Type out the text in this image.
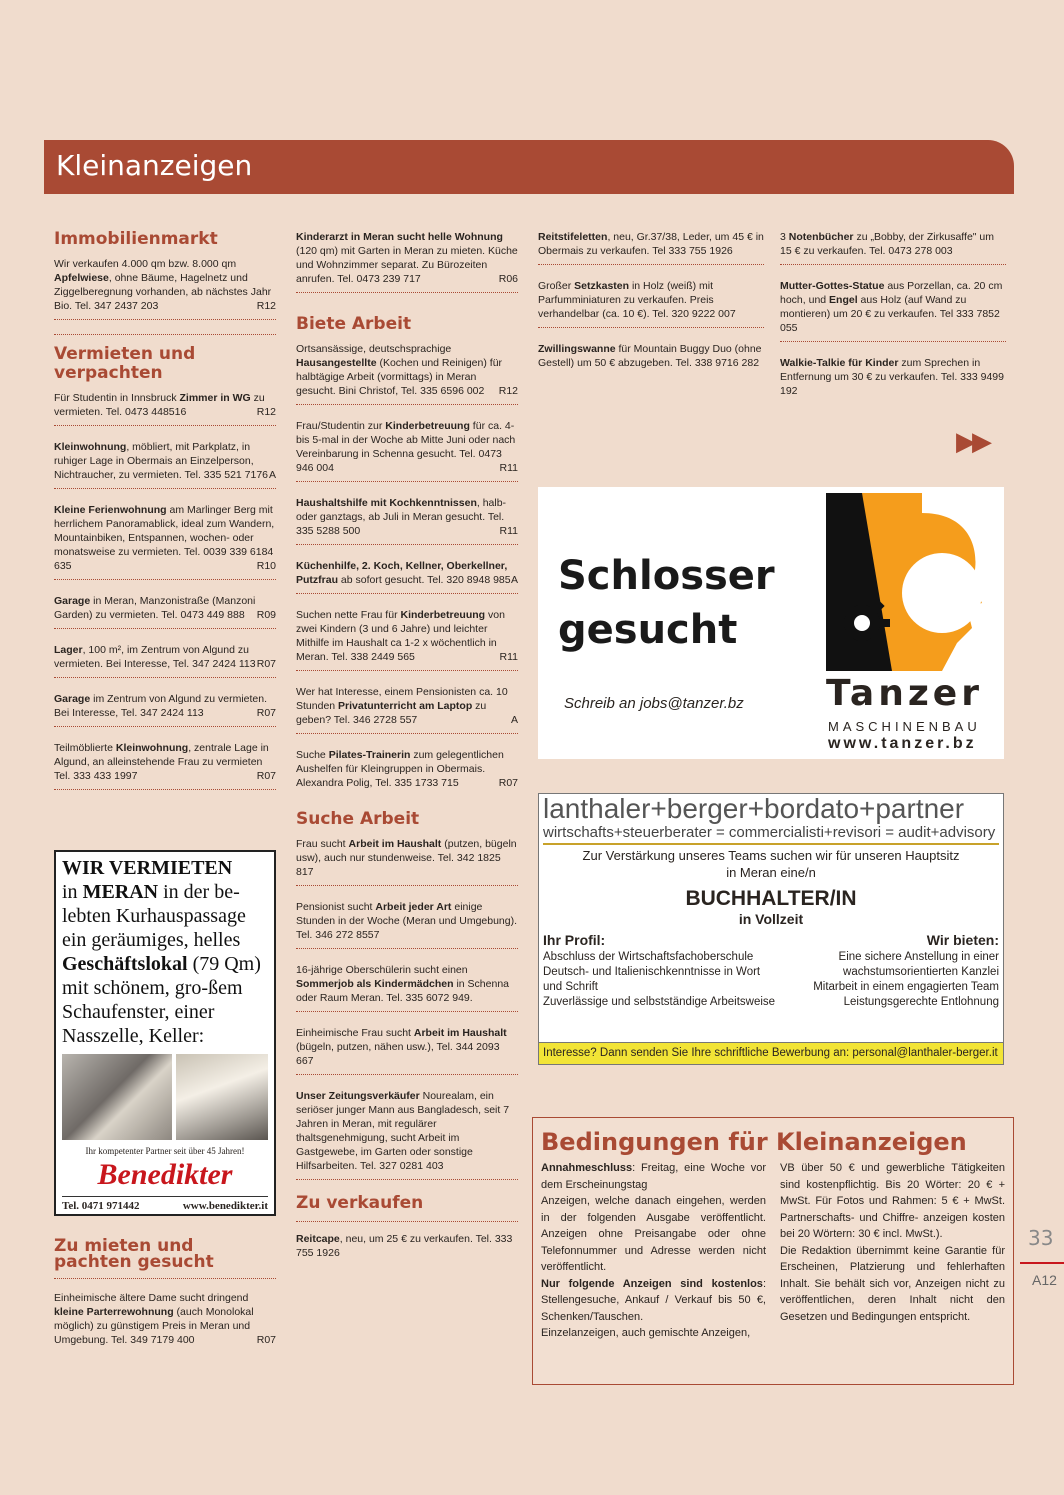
Kleinanzeigen
Immobilienmarkt
Wir verkaufen 4.000 qm bzw. 8.000 qm Apfelwiese, ohne Bäume, Hagelnetz und Ziggelberegnung vorhanden, ab nächstes Jahr Bio. Tel. 347 2437 203	R12
Vermieten und verpachten
Für Studentin in Innsbruck Zimmer in WG zu vermieten. Tel. 0473 448516	R12
Kleinwohnung, möbliert, mit Parkplatz, in ruhiger Lage in Obermais an Einzelperson, Nichtraucher, zu vermieten. Tel. 335 521 7176 A
Kleine Ferienwohnung am Marlinger Berg mit herrlichem Panoramablick, ideal zum Wandern, Mountainbiken, Entspannen, wochen- oder monatsweise zu vermieten. Tel. 0039 339 6184 635	R10
Garage in Meran, Manzonistraße (Manzoni Garden) zu vermieten. Tel. 0473 449 888 R09
Lager, 100 m², im Zentrum von Algund zu vermieten. Bei Interesse, Tel. 347 2424 113 R07
Garage im Zentrum von Algund zu vermieten. Bei Interesse, Tel. 347 2424 113	R07
Teilmöblierte Kleinwohnung, zentrale Lage in Algund, an alleinstehende Frau zu vermieten Tel. 333 433 1997	R07
WIR VERMIETEN
in MERAN in der be-lebten Kurhauspassage ein geräumiges, helles Geschäftslokal (79 Qm) mit schönem, gro-ßem Schaufenster, einer Nasszelle, Keller:
Ihr kompetenter Partner seit über 45 Jahren!
Benedikter
Tel. 0471 971442	www.benedikter.it
Zu mieten und pachten gesucht
Einheimische ältere Dame sucht dringend kleine Parterrewohnung (auch Monolokal möglich) zu günstigem Preis in Meran und Umgebung. Tel. 349 7179 400	R07
Kinderarzt in Meran sucht helle Wohnung (120 qm) mit Garten in Meran zu mieten. Küche und Wohnzimmer separat. Zu Bürozeiten anrufen. Tel. 0473 239 717	R06
Biete Arbeit
Ortsansässige, deutschsprachige Hausangestellte (Kochen und Reinigen) für halbtägige Arbeit (vormittags) in Meran gesucht. Bini Christof, Tel. 335 6596 002 R12
Frau/Studentin zur Kinderbetreuung für ca. 4- bis 5-mal in der Woche ab Mitte Juni oder nach Vereinbarung in Schenna gesucht. Tel. 0473 946 004	R11
Haushaltshilfe mit Kochkenntnissen, halb- oder ganztags, ab Juli in Meran gesucht. Tel. 335 5288 500	R11
Küchenhilfe, 2. Koch, Kellner, Oberkellner, Putzfrau ab sofort gesucht. Tel. 320 8948 985 A
Suchen nette Frau für Kinderbetreuung von zwei Kindern (3 und 6 Jahre) und leichter Mithilfe im Haushalt ca 1-2 x wöchentlich in Meran. Tel. 338 2449 565	R11
Wer hat Interesse, einem Pensionisten ca. 10 Stunden Privatunterricht am Laptop zu geben? Tel. 346 2728 557	A
Suche Pilates-Trainerin zum gelegentlichen Aushelfen für Kleingruppen in Obermais. Alexandra Polig, Tel. 335 1733 715	R07
Suche Arbeit
Frau sucht Arbeit im Haushalt (putzen, bügeln usw), auch nur stundenweise. Tel. 342 1825 817
Pensionist sucht Arbeit jeder Art einige Stunden in der Woche (Meran und Umgebung). Tel. 346 272 8557
16-jährige Oberschülerin sucht einen Sommerjob als Kindermädchen in Schenna oder Raum Meran. Tel. 335 6072 949.
Einheimische Frau sucht Arbeit im Haushalt (bügeln, putzen, nähen usw.), Tel. 344 2093 667
Unser Zeitungsverkäufer Nourealam, ein seriöser junger Mann aus Bangladesch, seit 7 Jahren in Meran, mit regulärer thaltsgenehmigung, sucht Arbeit im Gastgewebe, im Garten oder sonstige Hilfsarbeiten. Tel. 327 0281 403
Zu verkaufen
Reitcape, neu, um 25 € zu verkaufen. Tel. 333 755 1926
Reitstifeletten, neu, Gr.37/38, Leder, um 45 € in Obermais zu verkaufen. Tel 333 755 1926
Großer Setzkasten in Holz (weiß) mit Parfumminiaturen zu verkaufen. Preis verhandelbar (ca. 10 €). Tel. 320 9222 007
Zwillingswanne für Mountain Buggy Duo (ohne Gestell) um 50 € abzugeben. Tel. 338 9716 282
3 Notenbücher zu „Bobby, der Zirkusaffe" um 15 € zu verkaufen. Tel. 0473 278 003
Mutter-Gottes-Statue aus Porzellan, ca. 20 cm hoch, und Engel aus Holz (auf Wand zu montieren) um 20 € zu verkaufen. Tel 333 7852 055
Walkie-Talkie für Kinder zum Sprechen in Entfernung um 30 € zu verkaufen. Tel. 333 9499 192
▶▶
Schlosser
gesucht
Schreib an jobs@tanzer.bz Tanzer
MASCHINENBAU
www.tanzer.bz
lanthaler+berger+bordato+partner
wirtschafts+steuerberater = commercialisti+revisori = audit+advisory
Zur Verstärkung unseres Teams suchen wir für unseren Hauptsitz
in Meran eine/n
BUCHHALTER/IN
in Vollzeit
Ihr Profil:
Abschluss der Wirtschaftsfachoberschule
Deutsch- und Italienischkenntnisse in Wort und Schrift
Zuverlässige und selbstständige Arbeitsweise
Wir bieten:
Eine sichere Anstellung in einer wachstumsorientierten Kanzlei
Mitarbeit in einem engagierten Team
Leistungsgerechte Entlohnung
Interesse? Dann senden Sie Ihre schriftliche Bewerbung an: personal@lanthaler-berger.it
Bedingungen für Kleinanzeigen
Annahmeschluss: Freitag, eine Woche vor dem Erscheinungstag
Anzeigen, welche danach eingehen, werden in der folgenden Ausgabe veröffentlicht. Anzeigen ohne Preisangabe oder ohne Telefonnummer und Adresse werden nicht veröffentlicht.
Nur folgende Anzeigen sind kostenlos: Stellengesuche, Ankauf / Verkauf bis 50 €, Schenken/Tauschen.
Einzelanzeigen, auch gemischte Anzeigen,
VB über 50 € und gewerbliche Tätigkeiten sind kostenpflichtig. Bis 20 Wörter: 20 € + MwSt. Für Fotos und Rahmen: 5 € + MwSt. Partnerschafts- und Chiffre- anzeigen kosten bei 20 Wörtern: 30 € incl. MwSt.).
Die Redaktion übernimmt keine Garantie für Erscheinen, Platzierung und fehlerhaften Inhalt. Sie behält sich vor, Anzeigen nicht zu veröffentlichen, deren Inhalt nicht den Gesetzen und Bedingungen entspricht.
33
A12
